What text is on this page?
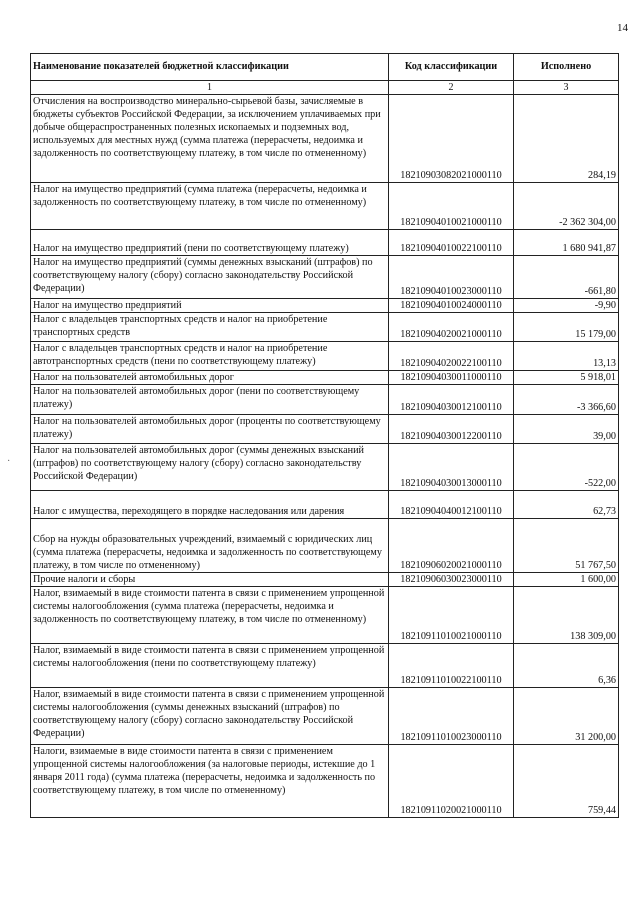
14
·
Наименование показателей бюджетной классификации	Код классификации	Исполнено
1	2	3
Отчисления на воспроизводство минерально-сырьевой базы, зачисляемые в бюджеты субъектов Российской Федерации, за исключением уплачиваемых при добыче общераспространенных полезных ископаемых и подземных вод, используемых для местных нужд (сумма платежа (перерасчеты, недоимка и задолженность по соответствующему платежу, в том числе по отмененному)	18210903082021000110	284,19
Налог на имущество предприятий (сумма платежа (перерасчеты, недоимка и задолженность по соответствующему платежу, в том числе по отмененному)	18210904010021000110	-2 362 304,00
Налог на имущество предприятий (пени по соответствующему платежу)	18210904010022100110	1 680 941,87
Налог на имущество предприятий (суммы денежных взысканий (штрафов) по соответствующему налогу (сбору) согласно законодательству Российской Федерации)	18210904010023000110	-661,80
Налог на имущество предприятий	18210904010024000110	-9,90
Налог с владельцев транспортных средств и налог на приобретение транспортных средств	18210904020021000110	15 179,00
Налог с владельцев транспортных средств и налог на приобретение автотранспортных средств (пени по соответствующему платежу)	18210904020022100110	13,13
Налог на пользователей автомобильных дорог	18210904030011000110	5 918,01
Налог на пользователей автомобильных дорог (пени по соответствующему платежу)	18210904030012100110	-3 366,60
Налог на пользователей автомобильных дорог (проценты по соответствующему платежу)	18210904030012200110	39,00
Налог на пользователей автомобильных дорог (суммы денежных взысканий (штрафов) по соответствующему налогу (сбору) согласно законодательству Российской Федерации)	18210904030013000110	-522,00
Налог с имущества, переходящего в порядке наследования или дарения	18210904040012100110	62,73
Сбор на нужды образовательных учреждений, взимаемый с юридических лиц (сумма платежа (перерасчеты, недоимка и задолженность по соответствующему платежу, в том числе по отмененному)	18210906020021000110	51 767,50
Прочие налоги и сборы	18210906030023000110	1 600,00
Налог, взимаемый в виде стоимости патента в связи с применением упрощенной системы налогообложения (сумма платежа (перерасчеты, недоимка и задолженность по соответствующему платежу, в том числе по отмененному)	18210911010021000110	138 309,00
Налог, взимаемый в виде стоимости патента в связи с применением упрощенной системы налогообложения (пени по соответствующему платежу)	18210911010022100110	6,36
Налог, взимаемый в виде стоимости патента в связи с применением упрощенной системы налогообложения (суммы денежных взысканий (штрафов) по соответствующему налогу (сбору) согласно законодательству Российской Федерации)	18210911010023000110	31 200,00
Налоги, взимаемые в виде стоимости патента в связи с применением упрощенной системы налогообложения (за налоговые периоды, истекшие до 1 января 2011 года) (сумма платежа (перерасчеты, недоимка и задолженность по соответствующему платежу, в том числе по отмененному)	18210911020021000110	759,44
